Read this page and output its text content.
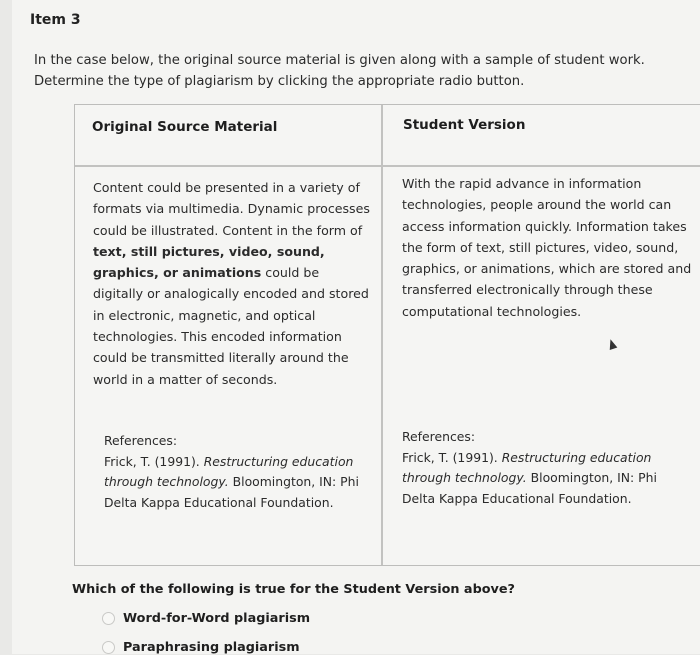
Item 3
In the case below, the original source material is given along with a sample of student work. Determine the type of plagiarism by clicking the appropriate radio button.
Original Source Material	Student Version
Content could be presented in a variety of formats via multimedia. Dynamic processes could be illustrated. Content in the form of text, still pictures, video, sound, graphics, or animations could be digitally or analogically encoded and stored in electronic, magnetic, and optical technologies. This encoded information could be transmitted literally around the world in a matter of seconds.
References:
Frick, T. (1991). Restructuring education through technology. Bloomington, IN: Phi Delta Kappa Educational Foundation.
With the rapid advance in information technologies, people around the world can access information quickly. Information takes the form of text, still pictures, video, sound, graphics, or animations, which are stored and transferred electronically through these computational technologies.
References:
Frick, T. (1991). Restructuring education through technology. Bloomington, IN: Phi Delta Kappa Educational Foundation.
Which of the following is true for the Student Version above?
Word-for-Word plagiarism
Paraphrasing plagiarism
